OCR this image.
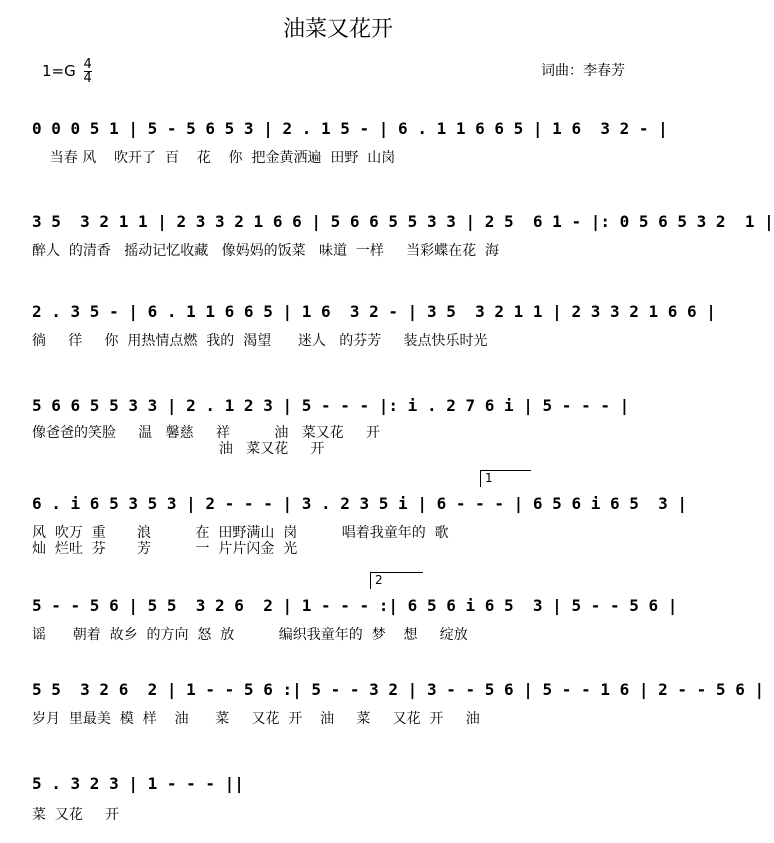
油菜又花开
$1=G \frac{4}{4}$	词曲：李春芳
0 0 0 5 1 | 5 - 5 6 5 3 | 2 . 1 5 - | 6 . 1 1 6 6 5 | 1 6  3 2 - |
当春 风    吹开了  百    花    你  把金黄洒遍  田野  山岗
3 5  3 2 1 1 | 2 3 3 2 1 6 6 | 5 6 6 5 5 3 3 | 2 5  6 1 - |: 0 5 6 5 3 2  1 |
醉人  的清香   摇动记忆收藏   像妈妈的饭菜   味道  一样     当彩蝶在花  海
2 . 3 5 - | 6 . 1 1 6 6 5 | 1 6  3 2 - | 3 5  3 2 1 1 | 2 3 3 2 1 6 6 |
徜     徉     你  用热情点燃  我的  渴望      迷人   的芬芳     装点快乐时光
5 6 6 5 5 3 3 | 2 . 1 2 3 | 5 - - - |: i . 2 7 6 i | 5 - - - |
像爸爸的笑脸     温   馨慈     祥          油   菜又花     开
油   菜又花     开
1
6 . i 6 5 3 5 3 | 2 - - - | 3 . 2 3 5 i | 6 - - - | 6 5 6 i 6 5  3 |
风  吹万  重       浪          在  田野满山  岗          唱着我童年的  歌
灿  烂吐  芬       芳          一  片片闪金  光
2
5 - - 5 6 | 5 5  3 2 6  2 | 1 - - - :| 6 5 6 i 6 5  3 | 5 - - 5 6 |
谣      朝着  故乡  的方向  怒  放          编织我童年的  梦    想     绽放
5 5  3 2 6  2 | 1 - - 5 6 :| 5 - - 3 2 | 3 - - 5 6 | 5 - - 1 6 | 2 - - 5 6 |
岁月  里最美  模  样    油      菜     又花  开    油     菜     又花  开     油
5 . 3 2 3 | 1 - - - ||
菜  又花     开
